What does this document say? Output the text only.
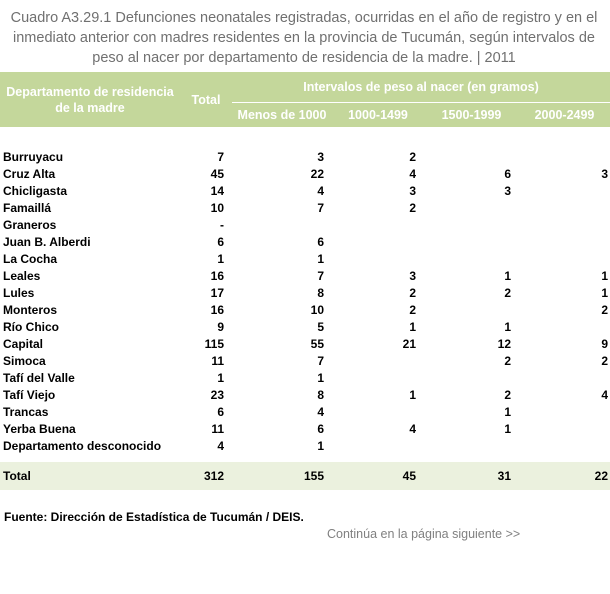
Cuadro A3.29.1 Defunciones neonatales registradas, ocurridas en el año de registro y en el inmediato anterior con madres residentes en la provincia de Tucumán, según intervalos de peso al nacer por departamento de residencia de la madre. | 2011
Departamento de residencia de la madre	Total	Intervalos de peso al nacer (en gramos)			
		Menos de 1000	1000-1499	1500-1999	2000-2499

Burruyacu	7	3	2		
Cruz Alta	45	22	4	6	3
Chicligasta	14	4	3	3	
Famaillá	10	7	2		
Graneros	-				
Juan B. Alberdi	6	6			
La Cocha	1	1			
Leales	16	7	3	1	1
Lules	17	8	2	2	1
Monteros	16	10	2		2
Río Chico	9	5	1	1	
Capital	115	55	21	12	9
Simoca	11	7		2	2
Tafí del Valle	1	1			
Tafí Viejo	23	8	1	2	4
Trancas	6	4		1	
Yerba Buena	11	6	4	1	
Departamento desconocido	4	1			

Total	312	155	45	31	22
Fuente: Dirección de Estadística de Tucumán / DEIS.
Continúa en la página siguiente >>
